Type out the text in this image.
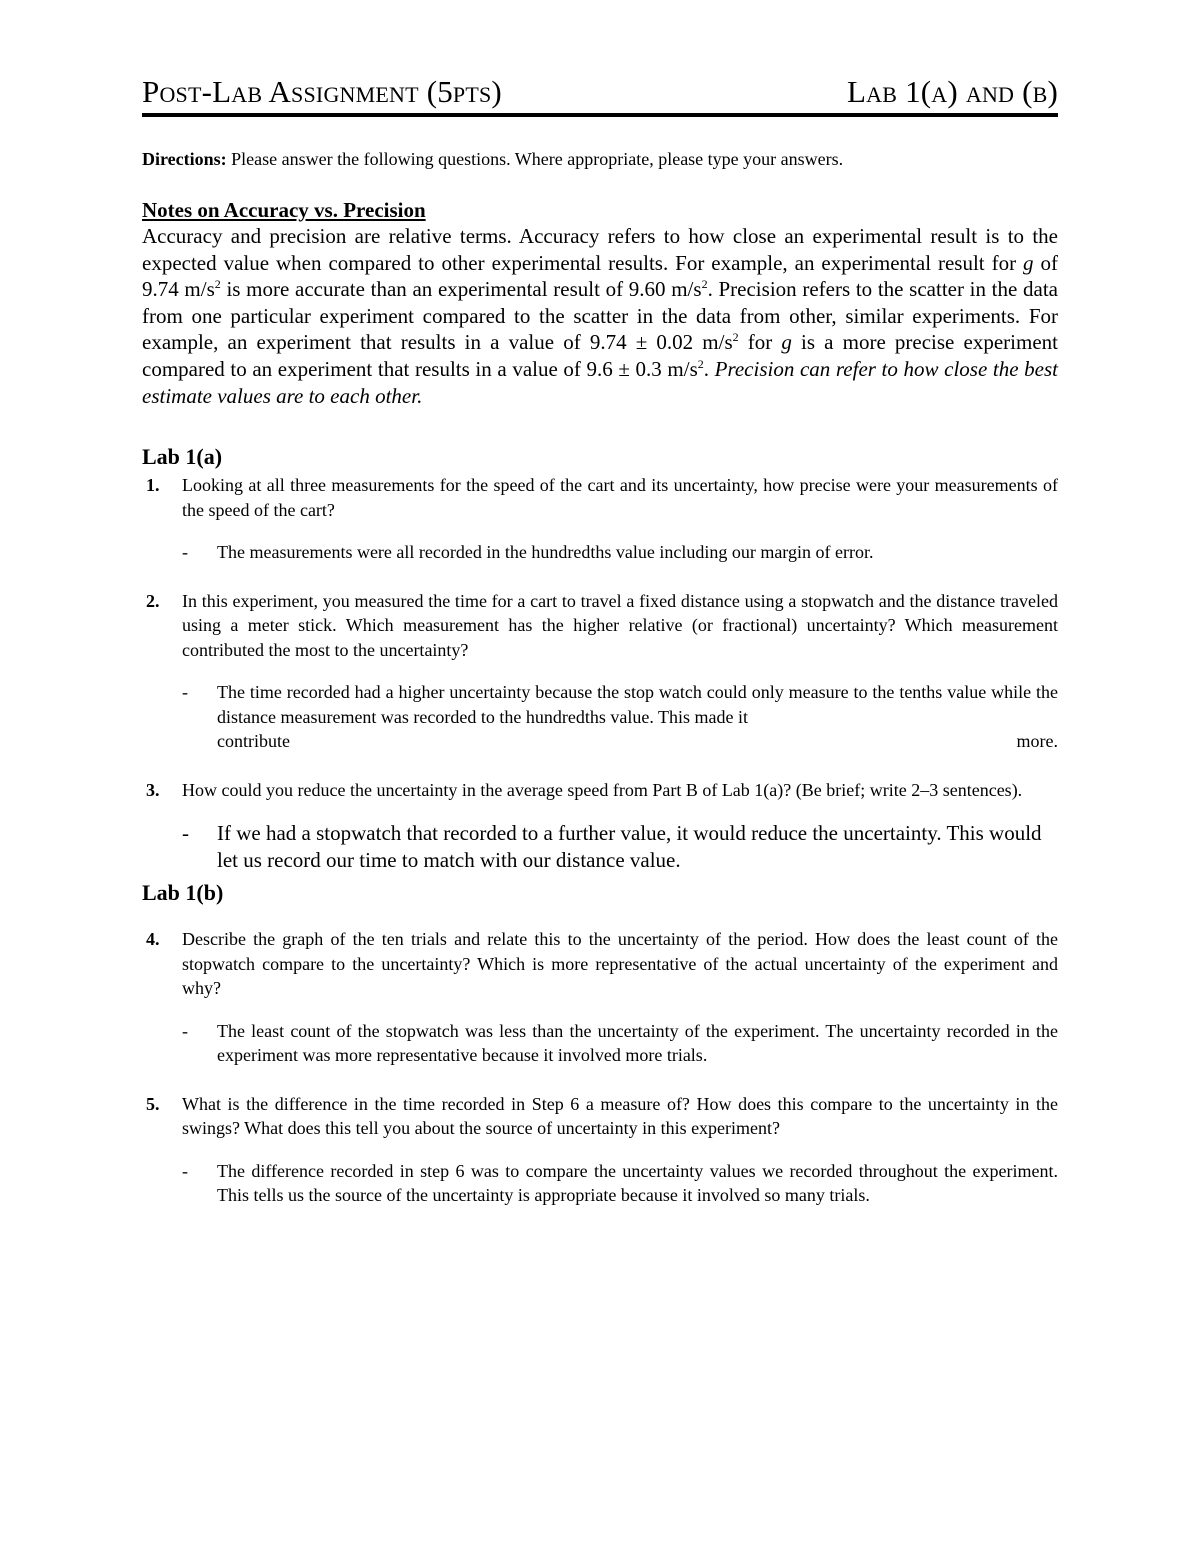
Post-Lab Assignment (5pts)	Lab 1(a) and (b)
Directions: Please answer the following questions. Where appropriate, please type your answers.
Notes on Accuracy vs. Precision

Accuracy and precision are relative terms. Accuracy refers to how close an experimental result is to the expected value when compared to other experimental results. For example, an experimental result for g of 9.74 $m/s^2$ is more accurate than an experimental result of 9.60 $m/s^2$. Precision refers to the scatter in the data from one particular experiment compared to the scatter in the data from other, similar experiments. For example, an experiment that results in a value of 9.74 ± 0.02 $m/s^2$ for g is a more precise experiment compared to an experiment that results in a value of 9.6 ± 0.3 $m/s^2$. Precision can refer to how close the best estimate values are to each other.

Lab 1(a)
1.	Looking at all three measurements for the speed of the cart and its uncertainty, how precise were your measurements of the speed of the cart?
-	The measurements were all recorded in the hundredths value including our margin of error.
2.	In this experiment, you measured the time for a cart to travel a fixed distance using a stopwatch and the distance traveled using a meter stick. Which measurement has the higher relative (or fractional) uncertainty? Which measurement contributed the most to the uncertainty?
-	The time recorded had a higher uncertainty because the stop watch could only measure to the tenths value while the distance measurement was recorded to the hundredths value. This made it
contribute	more.
3.	How could you reduce the uncertainty in the average speed from Part B of Lab 1(a)? (Be brief; write 2–3 sentences).
-	If we had a stopwatch that recorded to a further value, it would reduce the uncertainty. This would let us record our time to match with our distance value.
Lab 1(b)
4.	Describe the graph of the ten trials and relate this to the uncertainty of the period. How does the least count of the stopwatch compare to the uncertainty? Which is more representative of the actual uncertainty of the experiment and why?
-	The least count of the stopwatch was less than the uncertainty of the experiment. The uncertainty recorded in the experiment was more representative because it involved more trials.
5.	What is the difference in the time recorded in Step 6 a measure of? How does this compare to the uncertainty in the swings? What does this tell you about the source of uncertainty in this experiment?
-	The difference recorded in step 6 was to compare the uncertainty values we recorded throughout the experiment. This tells us the source of the uncertainty is appropriate because it involved so many trials.
